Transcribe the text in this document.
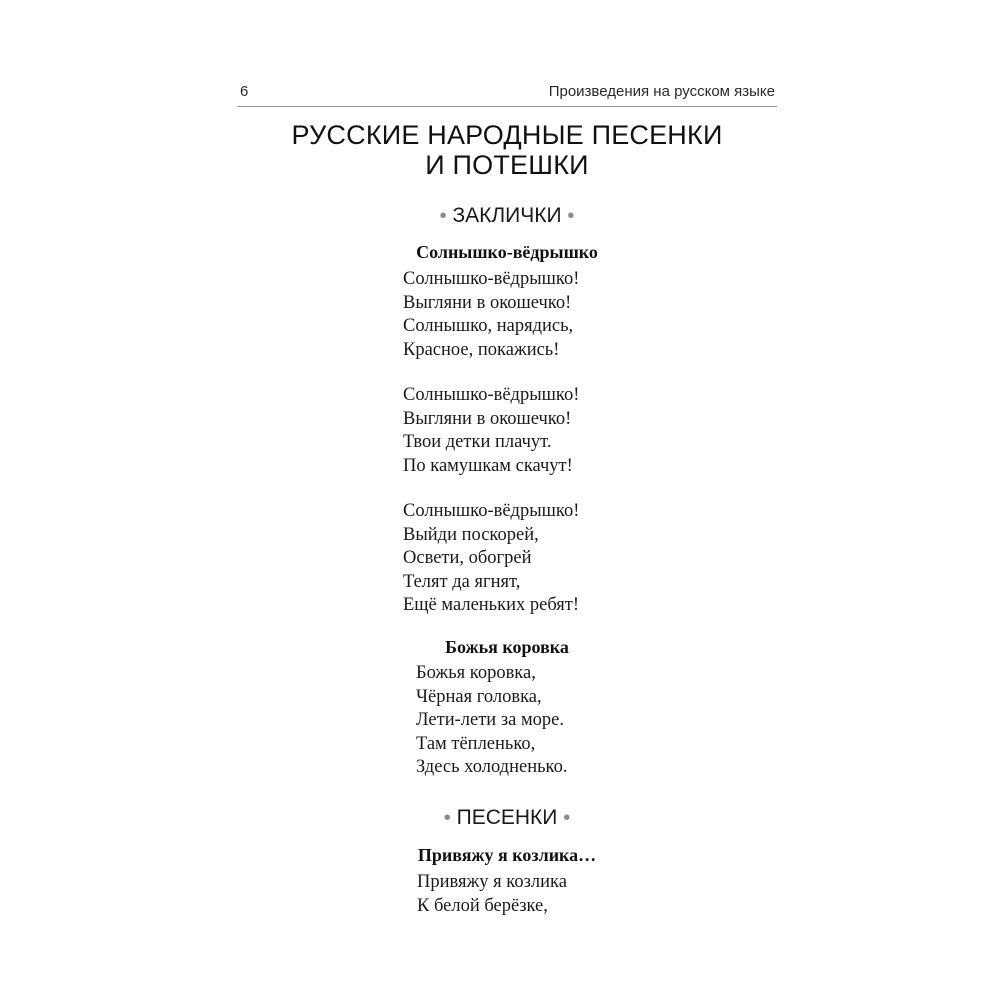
6	Произведения на русском языке
РУССКИЕ НАРОДНЫЕ ПЕСЕНКИ
И ПОТЕШКИ
• ЗАКЛИЧКИ •
Солнышко-вёдрышко
Солнышко-вёдрышко!
Выгляни в окошечко!
Солнышко, нарядись,
Красное, покажись!
Солнышко-вёдрышко!
Выгляни в окошечко!
Твои детки плачут.
По камушкам скачут!
Солнышко-вёдрышко!
Выйди поскорей,
Освети, обогрей
Телят да ягнят,
Ещё маленьких ребят!
Божья коровка
Божья коровка,
Чёрная головка,
Лети-лети за море.
Там тёпленько,
Здесь холодненько.
• ПЕСЕНКИ •
Привяжу я козлика…
Привяжу я козлика
К белой берёзке,
